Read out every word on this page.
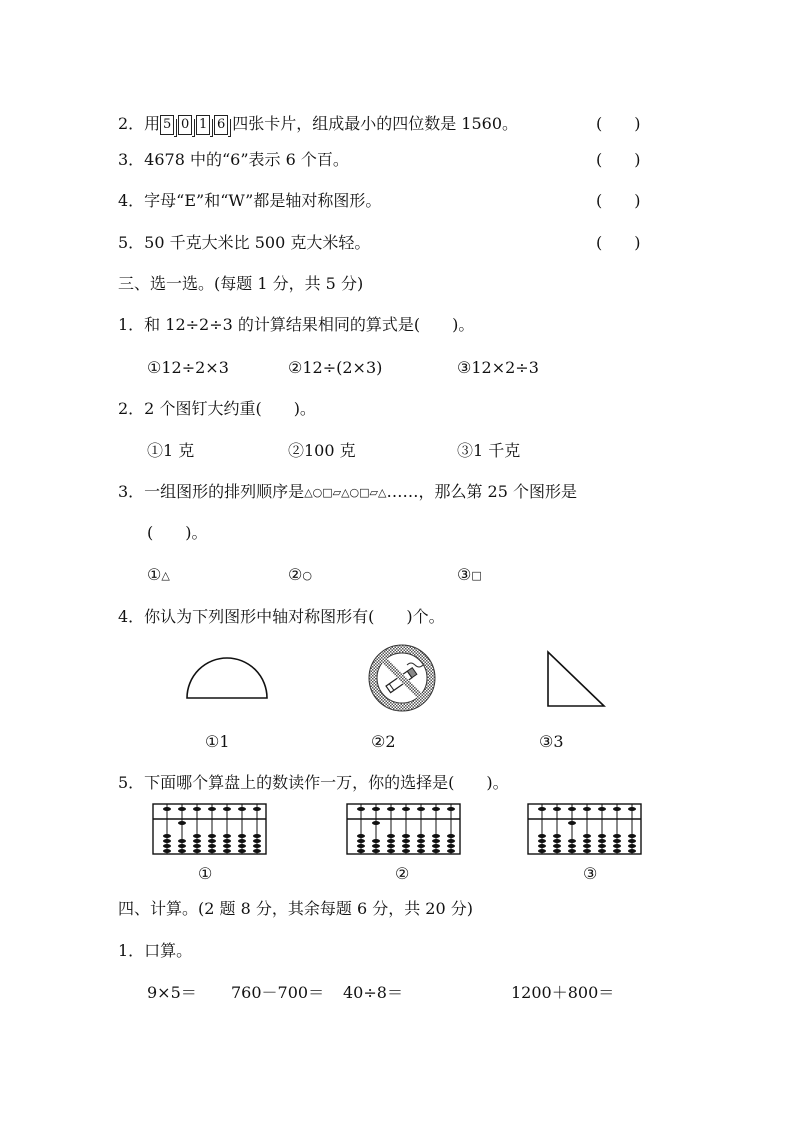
2．用 5 0 1 6 四张卡片，组成最小的四位数是 1560。	(　　)
3．4678 中的“6”表示 6 个百。	(　　)
4．字母“E”和“W”都是轴对称图形。	(　　)
5．50 千克大米比 500 克大米轻。	(　　)
三、选一选。(每题 1 分，共 5 分)
1．和 12÷2÷3 的计算结果相同的算式是(　　)。
①12÷2×3	②12÷(2×3)	③12×2÷3
2．2 个图钉大约重(　　)。
①1 克	②100 克	③1 千克
3．一组图形的排列顺序是△○□▱△○□▱△……，那么第 25 个图形是
(　　)。
①△	②○	③□
4．你认为下列图形中轴对称图形有(　　)个。
①1	②2	③3
5．下面哪个算盘上的数读作一万，你的选择是(　　)。
①	②	③
四、计算。(2 题 8 分，其余每题 6 分，共 20 分)
1．口算。
9×5＝ 760－700＝ 40÷8＝	1200＋800＝
